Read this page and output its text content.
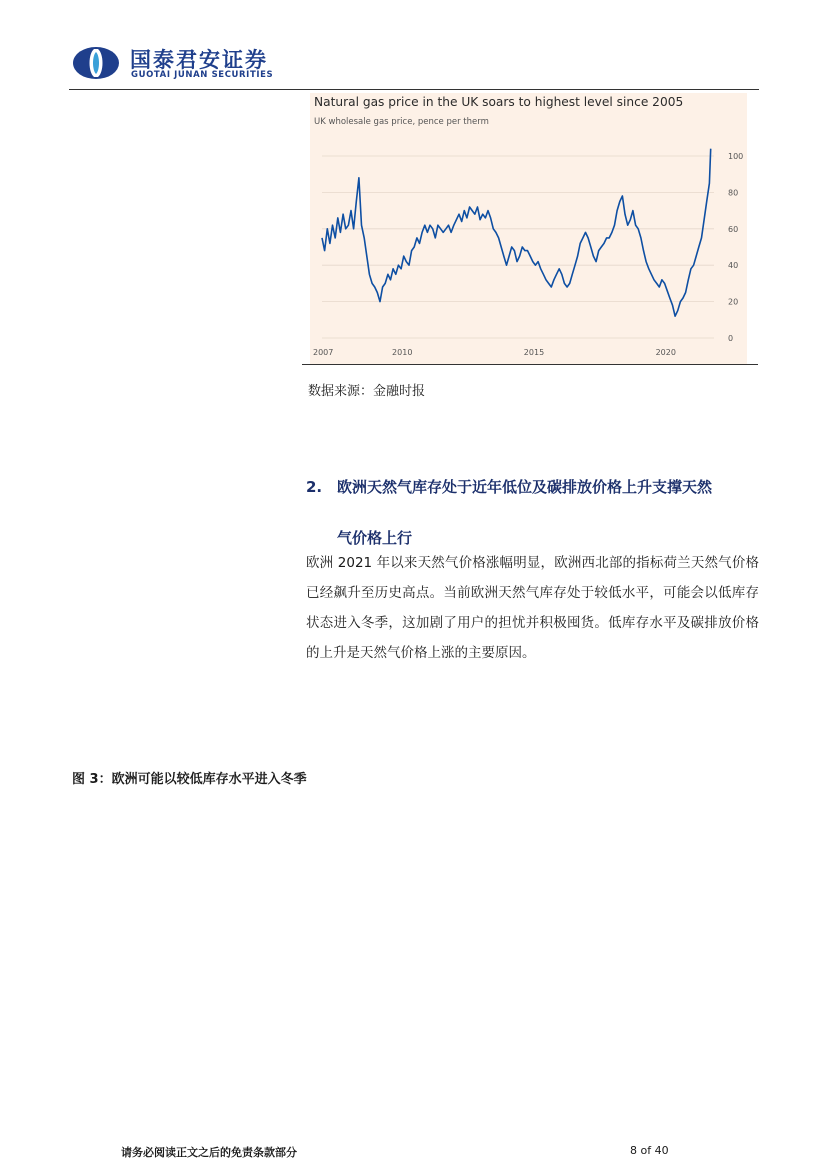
国泰君安证券
GUOTAI JUNAN SECURITIES
Natural gas price in the UK soars to highest level since 2005
UK wholesale gas price, pence per therm
0
20
40
60
80
100
2007	2010	2015	2020
数据来源：金融时报
2. 欧洲天然气库存处于近年低位及碳排放价格上升支撑天然
气价格上行
欧洲 2021 年以来天然气价格涨幅明显，欧洲西北部的指标荷兰天然气价格已经飙升至历史高点。当前欧洲天然气库存处于较低水平，可能会以低库存状态进入冬季，这加剧了用户的担忧并积极囤货。低库存水平及碳排放价格的上升是天然气价格上涨的主要原因。
图 3：欧洲可能以较低库存水平进入冬季
请务必阅读正文之后的免责条款部分	8 of 40
